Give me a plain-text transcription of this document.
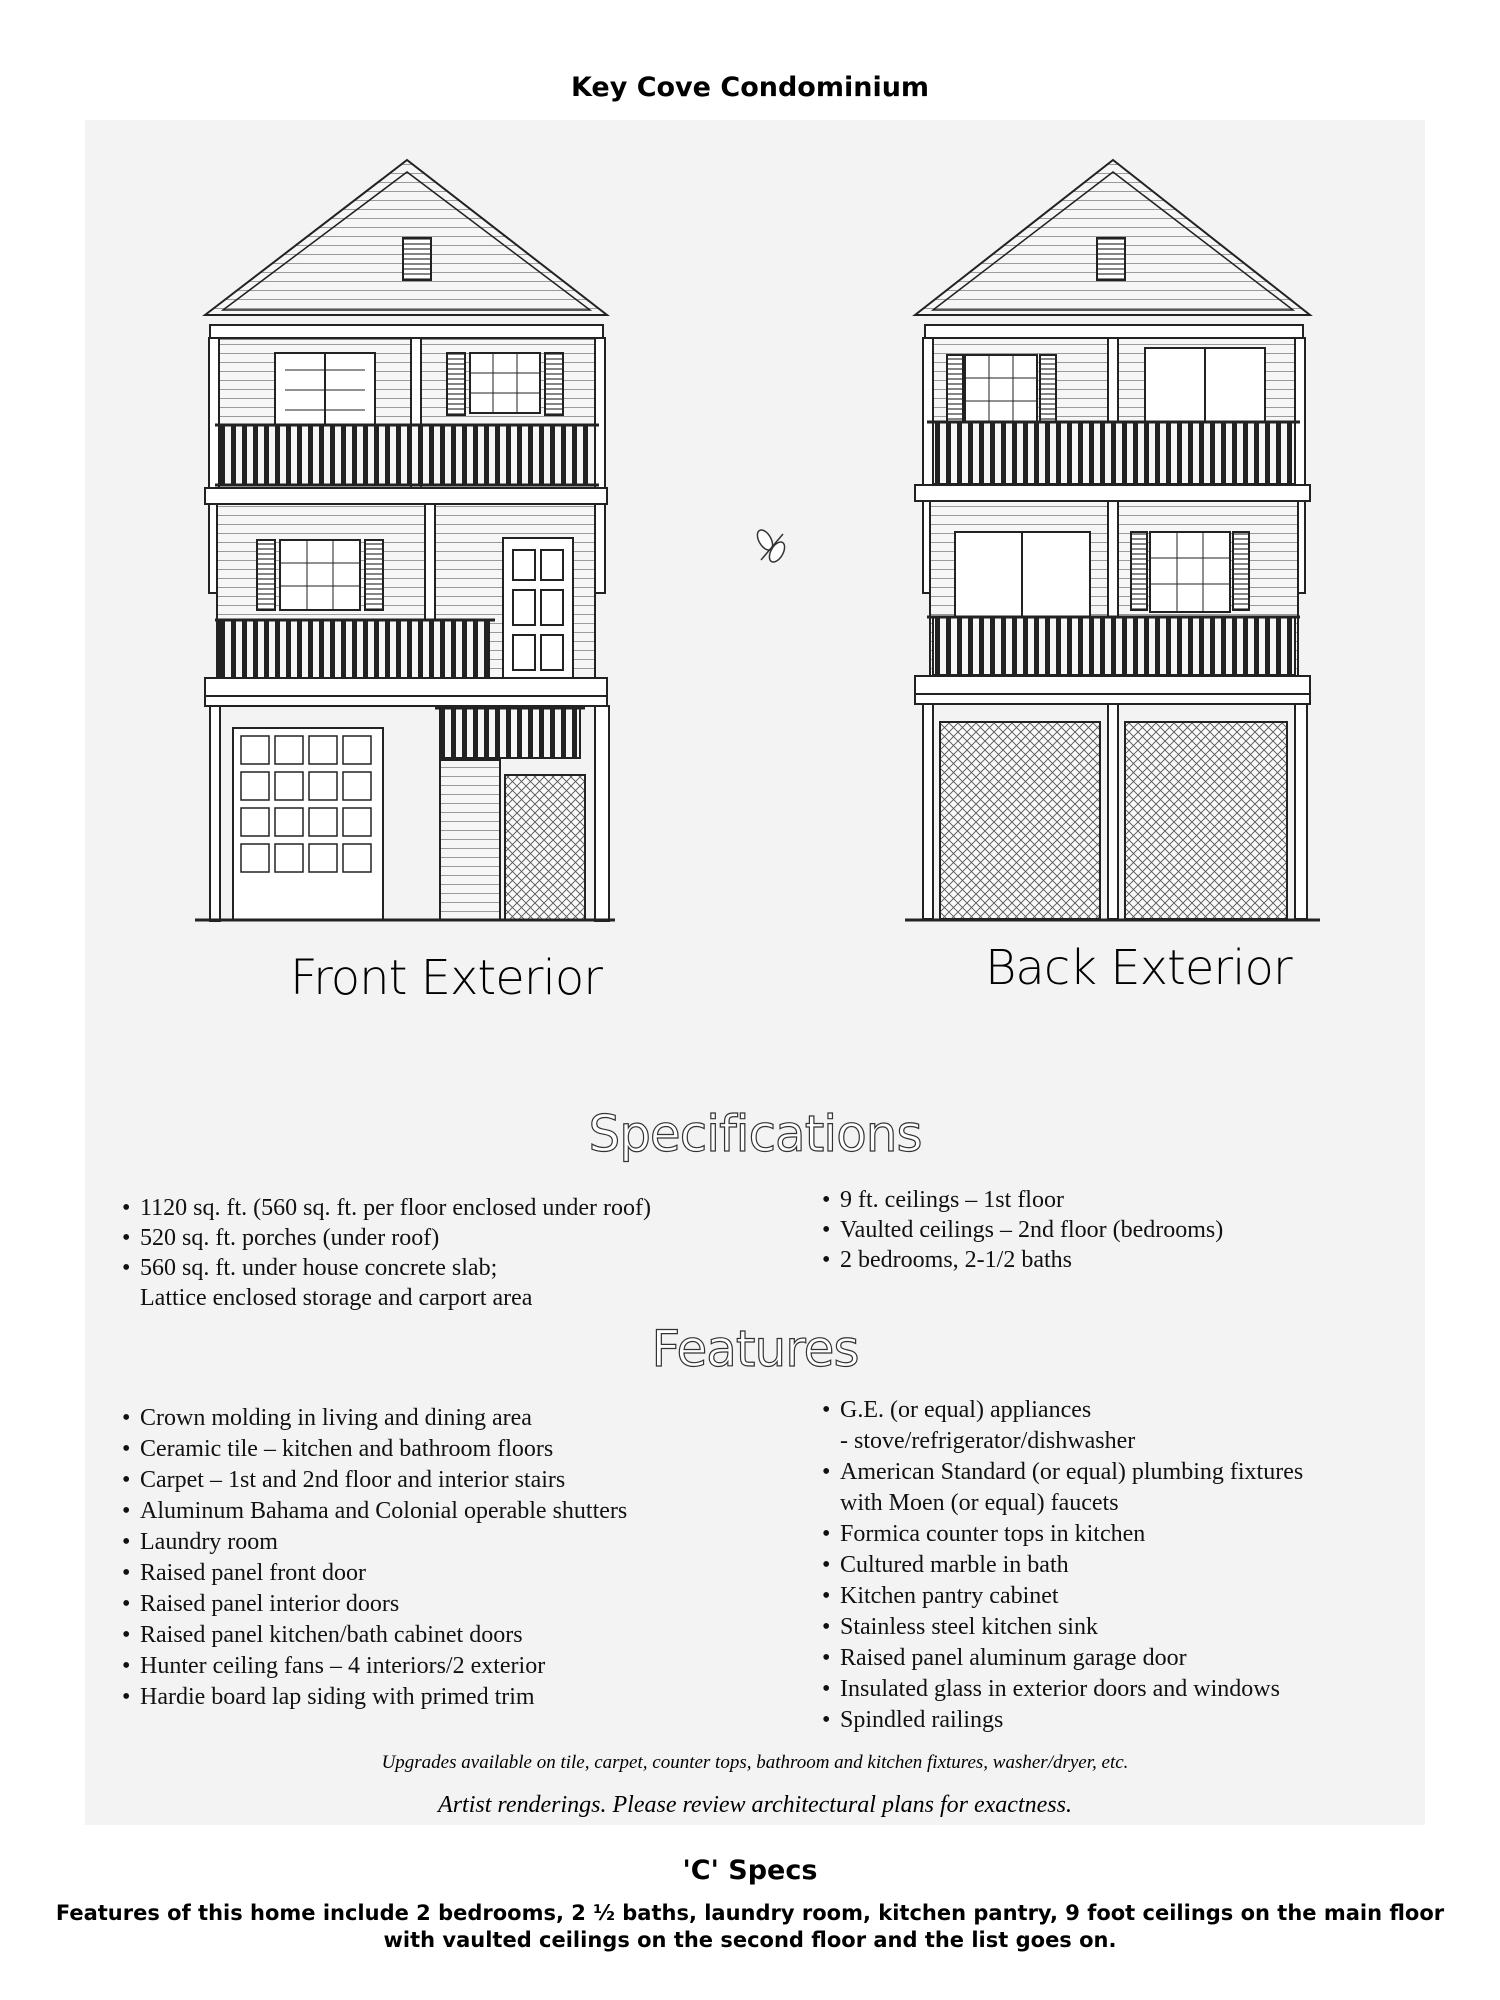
Key Cove Condominium
Front Exterior	Back Exterior
Specifications
• 1120 sq. ft. (560 sq. ft. per floor enclosed under roof)
• 520 sq. ft. porches (under roof)
• 560 sq. ft. under house concrete slab;
Lattice enclosed storage and carport area
• 9 ft. ceilings – 1st floor
• Vaulted ceilings – 2nd floor (bedrooms)
• 2 bedrooms, 2-1/2 baths
Features
• Crown molding in living and dining area
• Ceramic tile – kitchen and bathroom floors
• Carpet – 1st and 2nd floor and interior stairs
• Aluminum Bahama and Colonial operable shutters
• Laundry room
• Raised panel front door
• Raised panel interior doors
• Raised panel kitchen/bath cabinet doors
• Hunter ceiling fans – 4 interiors/2 exterior
• Hardie board lap siding with primed trim
• G.E. (or equal) appliances
- stove/refrigerator/dishwasher
• American Standard (or equal) plumbing fixtures
with Moen (or equal) faucets
• Formica counter tops in kitchen
• Cultured marble in bath
• Kitchen pantry cabinet
• Stainless steel kitchen sink
• Raised panel aluminum garage door
• Insulated glass in exterior doors and windows
• Spindled railings
Upgrades available on tile, carpet, counter tops, bathroom and kitchen fixtures, washer/dryer, etc.
Artist renderings. Please review architectural plans for exactness.
'C' Specs
Features of this home include 2 bedrooms, 2 ½ baths, laundry room, kitchen pantry, 9 foot ceilings on the main floor with vaulted ceilings on the second floor and the list goes on.
